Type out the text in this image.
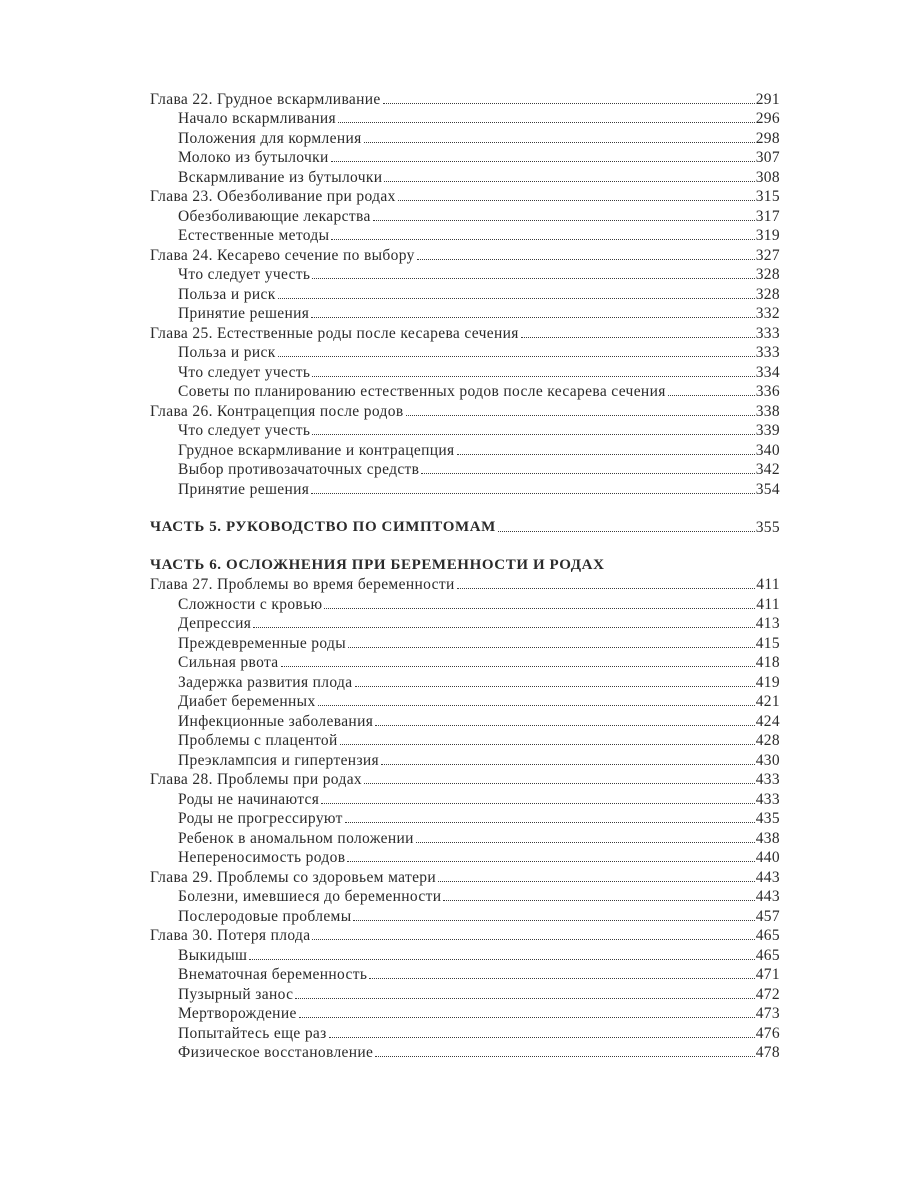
Глава 22. Грудное вскармливание	291
Начало вскармливания	296
Положения для кормления	298
Молоко из бутылочки	307
Вскармливание из бутылочки	308
Глава 23. Обезболивание при родах	315
Обезболивающие лекарства	317
Естественные методы	319
Глава 24. Кесарево сечение по выбору	327
Что следует учесть	328
Польза и риск	328
Принятие решения	332
Глава 25. Естественные роды после кесарева сечения	333
Польза и риск	333
Что следует учесть	334
Советы по планированию естественных родов после кесарева сечения	336
Глава 26. Контрацепция после родов	338
Что следует учесть	339
Грудное вскармливание и контрацепция	340
Выбор противозачаточных средств	342
Принятие решения	354
ЧАСТЬ 5. РУКОВОДСТВО ПО СИМПТОМАМ	355
ЧАСТЬ 6. ОСЛОЖНЕНИЯ ПРИ БЕРЕМЕННОСТИ И РОДАХ
Глава 27. Проблемы во время беременности	411
Сложности с кровью	411
Депрессия	413
Преждевременные роды	415
Сильная рвота	418
Задержка развития плода	419
Диабет беременных	421
Инфекционные заболевания	424
Проблемы с плацентой	428
Преэклампсия и гипертензия	430
Глава 28. Проблемы при родах	433
Роды не начинаются	433
Роды не прогрессируют	435
Ребенок в аномальном положении	438
Непереносимость родов	440
Глава 29. Проблемы со здоровьем матери	443
Болезни, имевшиеся до беременности	443
Послеродовые проблемы	457
Глава 30. Потеря плода	465
Выкидыш	465
Внематочная беременность	471
Пузырный занос	472
Мертворождение	473
Попытайтесь еще раз	476
Физическое восстановление	478
